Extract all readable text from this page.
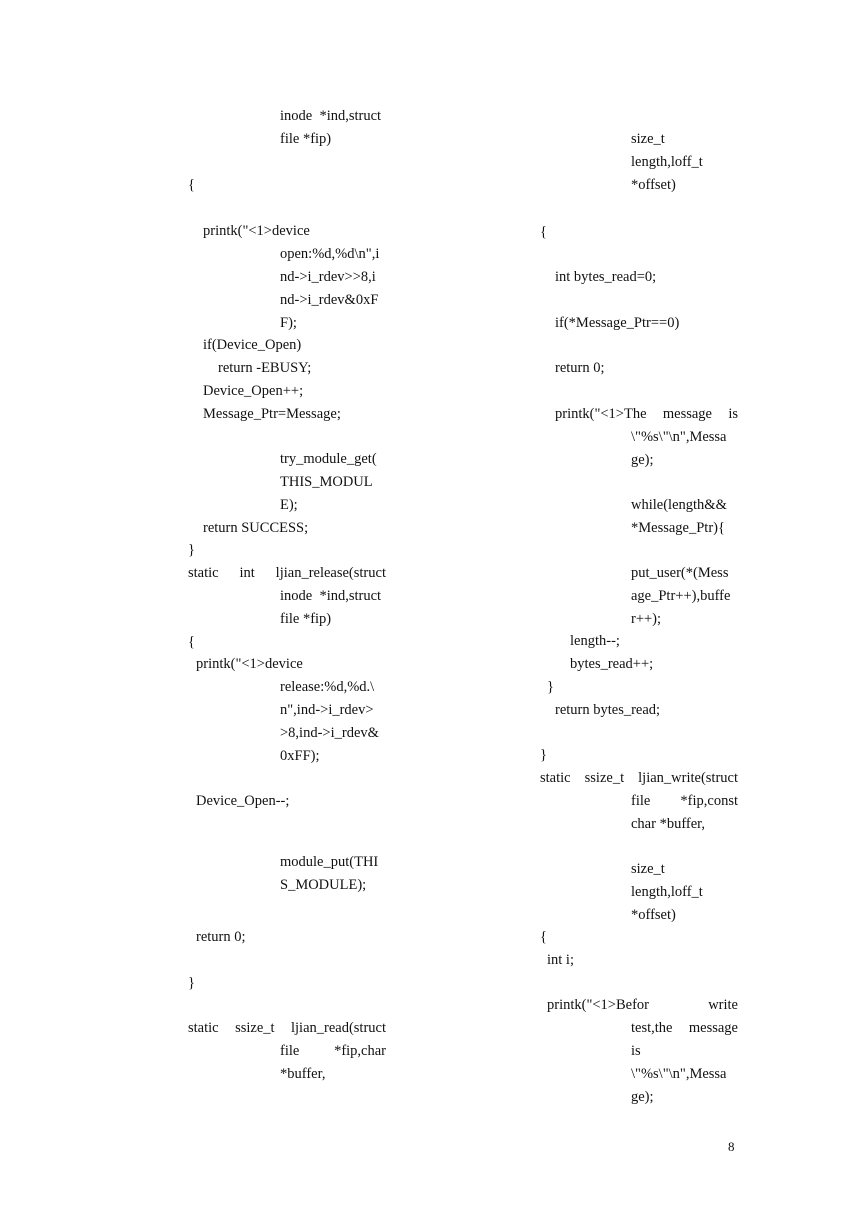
inode  *ind,struct
file *fip)
{
printk("<1>device
open:%d,%d\n",i
nd->i_rdev>>8,i
nd->i_rdev&0xF
F);
if(Device_Open)
return -EBUSY;
Device_Open++;
Message_Ptr=Message;
try_module_get(
THIS_MODUL
E);
return SUCCESS;
}
static int ljian_release(struct
inode  *ind,struct
file *fip)
{
printk("<1>device
release:%d,%d.\
n",ind->i_rdev>
>8,ind->i_rdev&
0xFF);
Device_Open--;
module_put(THI
S_MODULE);
return 0;
}
static ssize_t ljian_read(struct
file *fip,char
*buffer,
size_t
length,loff_t
*offset)
{
int bytes_read=0;
if(*Message_Ptr==0)
return 0;
printk("<1>The message is
\"%s\"\n",Messa
ge);
while(length&&
*Message_Ptr){
put_user(*(Mess
age_Ptr++),buffe
r++);
length--;
bytes_read++;
}
return bytes_read;
}
static ssize_t ljian_write(struct
file *fip,const
char *buffer,
size_t
length,loff_t
*offset)
{
int i;
printk("<1>Befor	write
test,the message
is
\"%s\"\n",Messa
ge);
8
